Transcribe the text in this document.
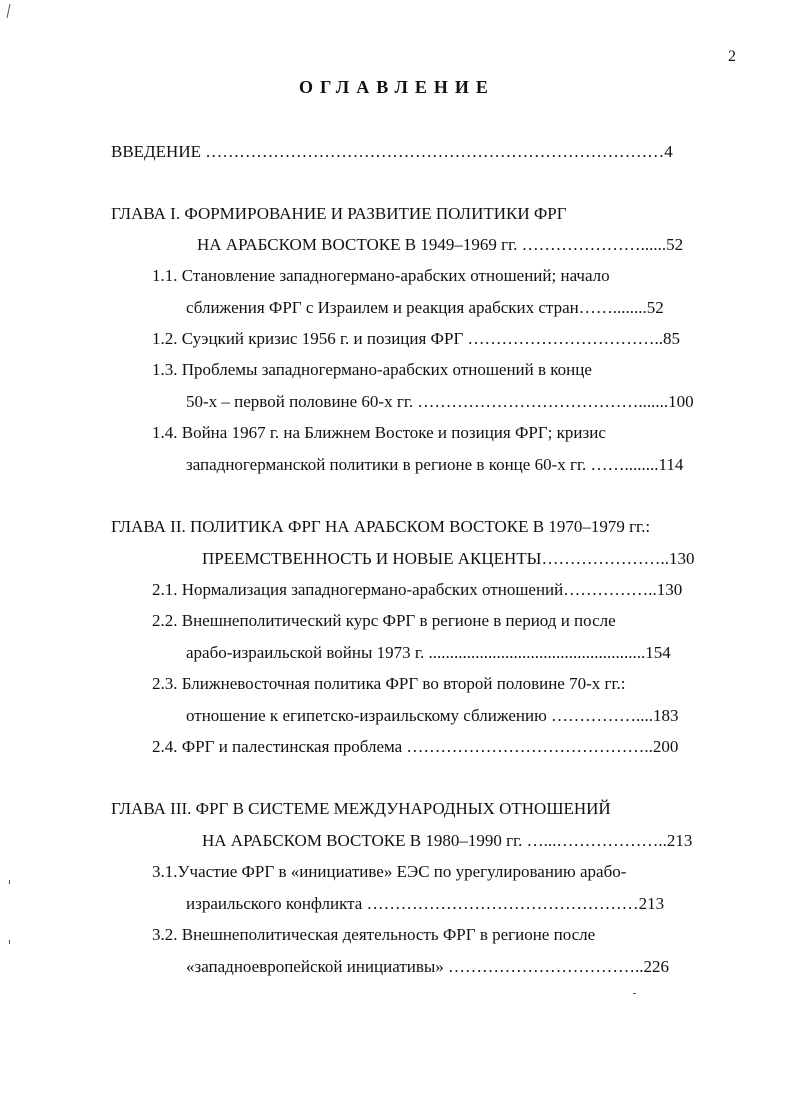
2
ОГЛАВЛЕНИЕ
ВВЕДЕНИЕ ………………………………………………………………………4
ГЛАВА I. ФОРМИРОВАНИЕ И РАЗВИТИЕ ПОЛИТИКИ ФРГ
НА АРАБСКОМ ВОСТОКЕ В 1949–1969 гг. …………………......52
1.1. Становление западногермано-арабских отношений; начало
сближения ФРГ с Израилем и реакция арабских стран……........52
1.2. Суэцкий кризис 1956 г. и позиция ФРГ ……………………………..85
1.3. Проблемы западногермано-арабских отношений в конце
50-х – первой половине 60-х гг. ………………………………….......100
1.4. Война 1967 г. на Ближнем Востоке и позиция ФРГ; кризис
западногерманской политики в регионе в конце 60-х гг. ……........114
ГЛАВА II. ПОЛИТИКА ФРГ НА АРАБСКОМ ВОСТОКЕ В 1970–1979 гг.:
ПРЕЕМСТВЕННОСТЬ И НОВЫЕ АКЦЕНТЫ…………………..130
2.1. Нормализация западногермано-арабских отношений……………..130
2.2. Внешнеполитический курс ФРГ в регионе в период и после
арабо-израильской войны 1973 г. ...................................................154
2.3. Ближневосточная политика ФРГ во второй половине 70-х гг.:
отношение к египетско-израильскому сближению ……………....183
2.4. ФРГ и палестинская проблема ……………………………………..200
ГЛАВА III. ФРГ В СИСТЕМЕ МЕЖДУНАРОДНЫХ ОТНОШЕНИЙ
НА АРАБСКОМ ВОСТОКЕ В 1980–1990 гг. …...………………..213
3.1.Участие ФРГ в «инициативе» ЕЭС по урегулированию арабо-
израильского конфликта …………………………………………213
3.2. Внешнеполитическая деятельность ФРГ в регионе после
«западноевропейской инициативы» ……………………………..226
